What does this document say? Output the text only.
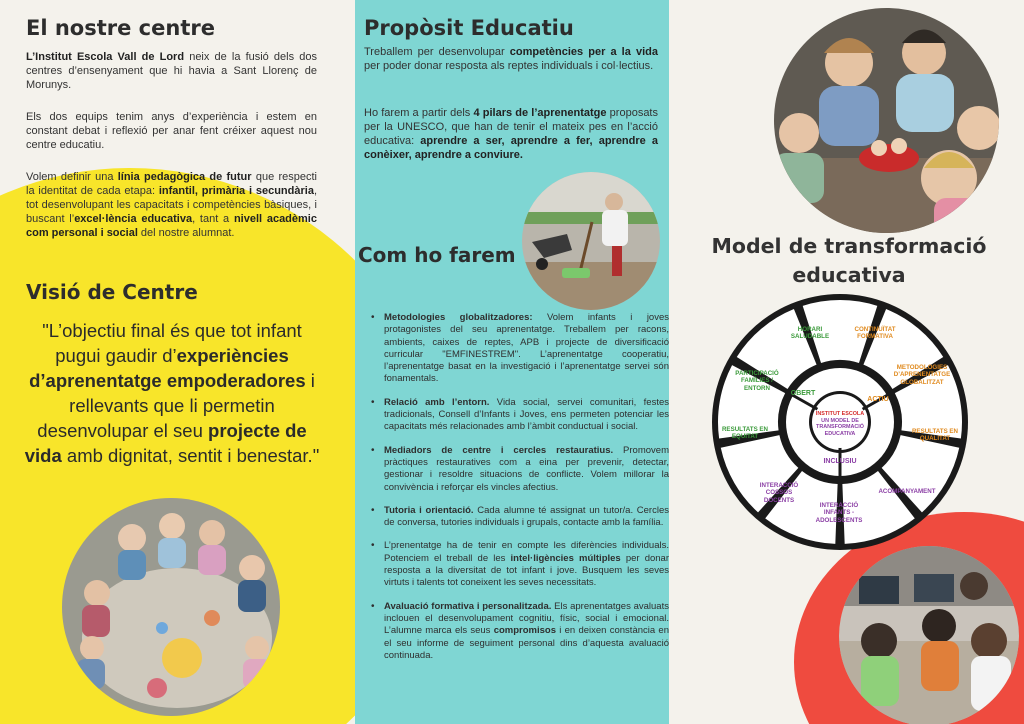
El nostre centre

L’Institut Escola Vall de Lord neix de la fusió dels dos centres d’ensenyament que hi havia a Sant Llorenç de Morunys.

Els dos equips tenim anys d’experiència i estem en constant debat i reflexió per anar fent créixer aquest nou centre educatiu.

Volem definir una línia pedagògica de futur que respecti la identitat de cada etapa: infantil, primària i secundària, tot desenvolupant les capacitats i competències bàsiques, i buscant l’excel·lència educativa, tant a nivell acadèmic com personal i social del nostre alumnat.

Visió de Centre
"L’objectiu final és que tot infant pugui gaudir d’experiències d’aprenentatge empoderadores i rellevants que li permetin desenvolupar el seu projecte de vida amb dignitat, sentit i benestar."
Propòsit Educatiu

Treballem per desenvolupar competències per a la vida per poder donar resposta als reptes individuals i col·lectius.

Ho farem a partir dels 4 pilars de l’aprenentatge proposats per la UNESCO, que han de tenir el mateix pes en l’acció educativa: aprendre a ser, aprendre a fer, aprendre a conèixer, aprendre a conviure.

Com ho farem
• Metodologies globalitzadores: Volem infants i joves protagonistes del seu aprenentatge. Treballem per racons, ambients, caixes de reptes, APB i projecte de diversificació curricular "EMFINESTREM". L’aprenentatge cooperatiu, l’aprenentatge basat en la investigació i l’aprenentatge servei són fonamentals.
• Relació amb l’entorn. Vida social, servei comunitari, festes tradicionals, Consell d’Infants i Joves, ens permeten potenciar les capacitats més relacionades amb l’àmbit conductual i social.
• Mediadors de centre i cercles restauratius. Promovem pràctiques restauratives com a eina per prevenir, detectar, gestionar i resoldre situacions de conflicte. Volem millorar la convivència i reforçar els vincles afectius.
• Tutoria i orientació. Cada alumne té assignat un tutor/a. Cercles de conversa, tutories individuals i grupals, contacte amb la família.
• L’prenentatge ha de tenir en compte les diferències individuals. Potenciem el treball de les intel·ligències múltiples per donar resposta a la diversitat de tot infant i jove. Busquem les seves virtuts i talents tot coneixent les seves necessitats.
• Avaluació formativa i personalitzada. Els aprenentatges avaluats inclouen el desenvolupament cognitiu, físic, social i emocional. L’alumne marca els seus compromisos i en deixen constància en el seu informe de seguiment personal dins d’aquesta avaluació continuada.
Model de transformació educativa
INSTITUT ESCOLA
UN MODEL DE
TRANSFORMACIÓ
EDUCATIVA
OBERT
ACTIU
INCLUSIU
HORARI SALUDABLE
CONTINUÏTAT FORMATIVA
METODOLOGIES D’APRENENTATGE GLOBALITZAT
RESULTATS EN QUALITAT
ACOMPANYAMENT
INTERACCIÓ INFANTS - ADOLESCENTS
INTERACCIÓ COSSOS DOCENTS
RESULTATS EN EQUITAT
PARTICIPACIÓ FAMÍLIES / ENTORN
